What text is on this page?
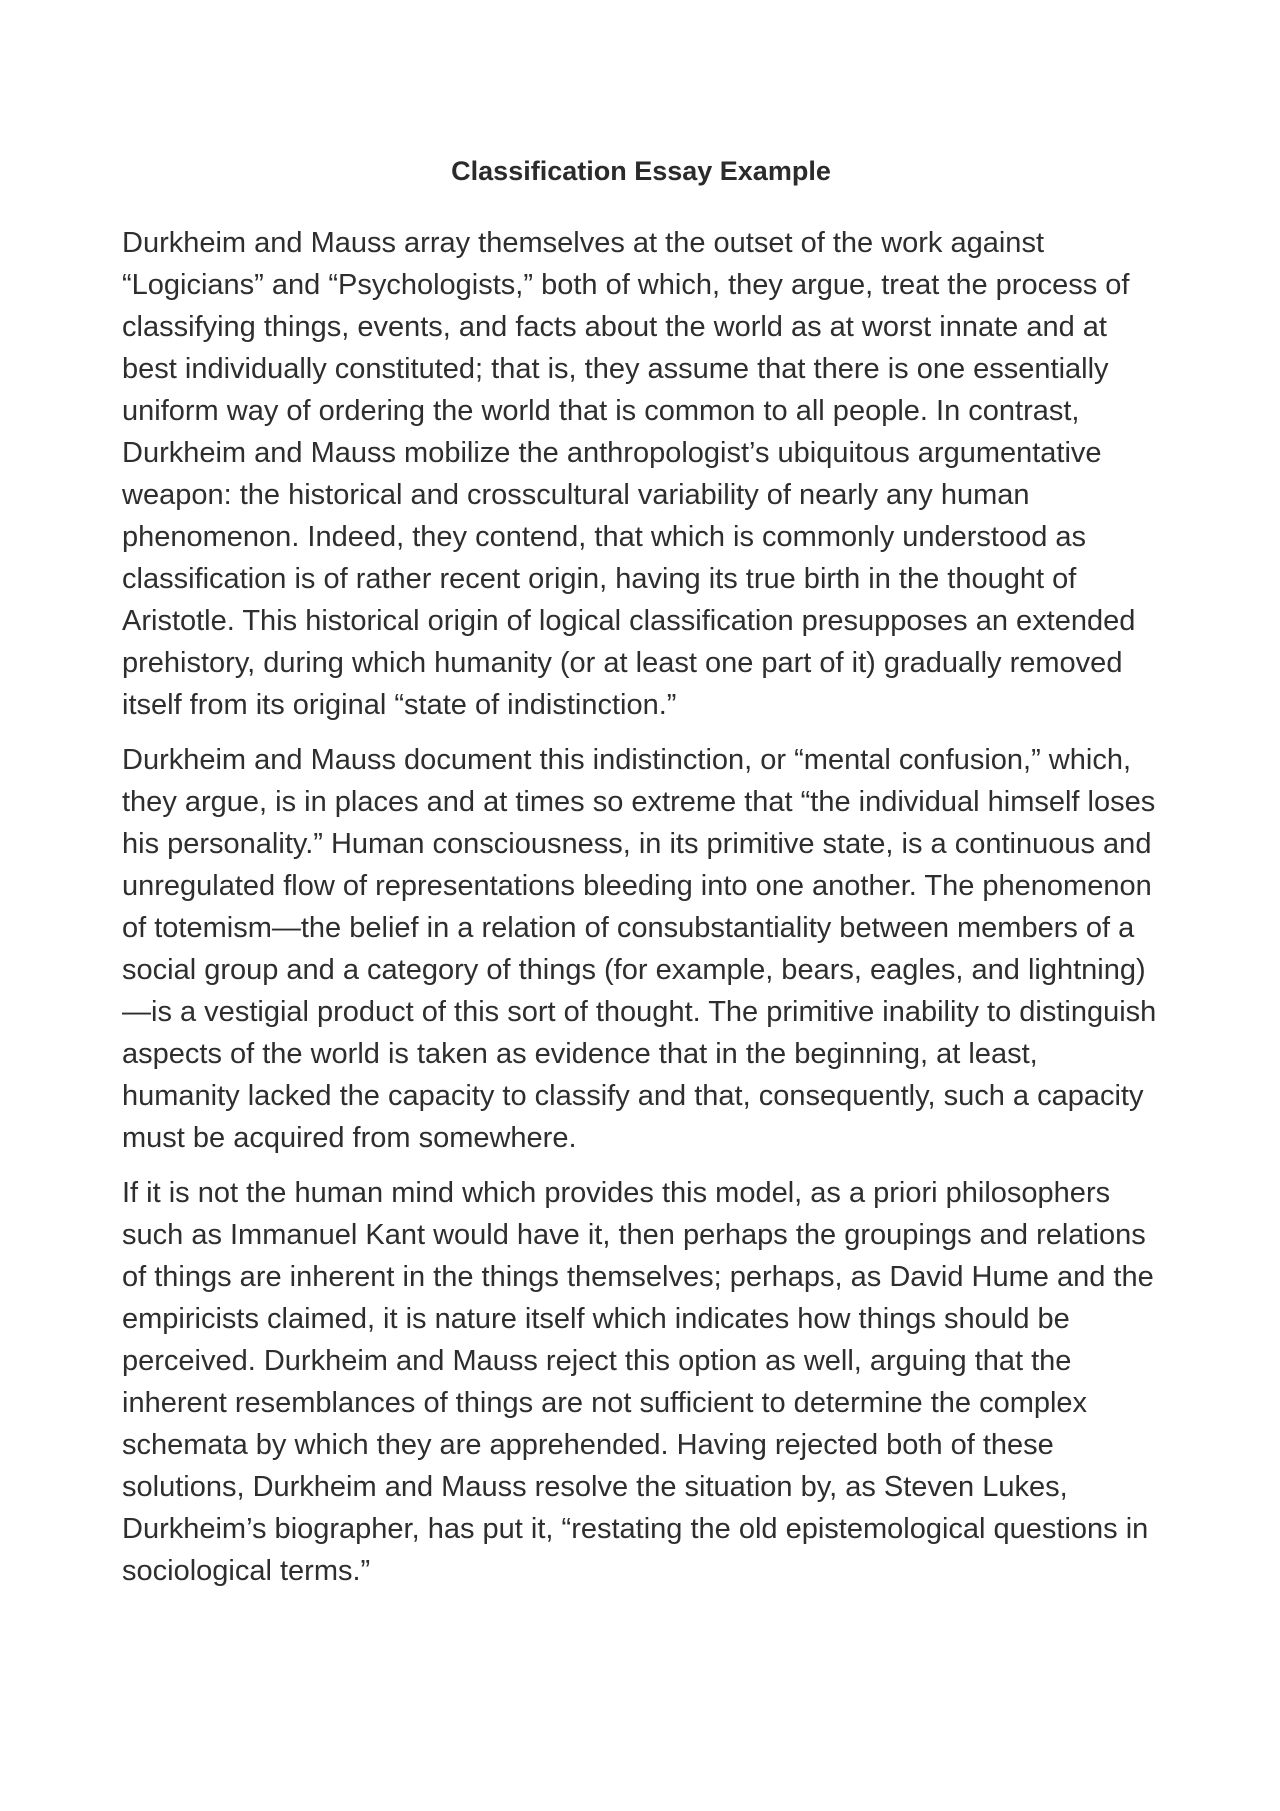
Classification Essay Example

Durkheim and Mauss array themselves at the outset of the work against “Logicians” and “Psychologists,” both of which, they argue, treat the process of classifying things, events, and facts about the world as at worst innate and at best individually constituted; that is, they assume that there is one essentially uniform way of ordering the world that is common to all people. In contrast, Durkheim and Mauss mobilize the anthropologist’s ubiquitous argumentative weapon: the historical and crosscultural variability of nearly any human phenomenon. Indeed, they contend, that which is commonly understood as classification is of rather recent origin, having its true birth in the thought of Aristotle. This historical origin of logical classification presupposes an extended prehistory, during which humanity (or at least one part of it) gradually removed itself from its original “state of indistinction.”

Durkheim and Mauss document this indistinction, or “mental confusion,” which, they argue, is in places and at times so extreme that “the individual himself loses his personality.” Human consciousness, in its primitive state, is a continuous and unregulated flow of representations bleeding into one another. The phenomenon of totemism—the belief in a relation of consubstantiality between members of a social group and a category of things (for example, bears, eagles, and lightning)—is a vestigial product of this sort of thought. The primitive inability to distinguish aspects of the world is taken as evidence that in the beginning, at least, humanity lacked the capacity to classify and that, consequently, such a capacity must be acquired from somewhere.

If it is not the human mind which provides this model, as a priori philosophers such as Immanuel Kant would have it, then perhaps the groupings and relations of things are inherent in the things themselves; perhaps, as David Hume and the empiricists claimed, it is nature itself which indicates how things should be perceived. Durkheim and Mauss reject this option as well, arguing that the inherent resemblances of things are not sufficient to determine the complex schemata by which they are apprehended. Having rejected both of these solutions, Durkheim and Mauss resolve the situation by, as Steven Lukes, Durkheim’s biographer, has put it, “restating the old epistemological questions in sociological terms.”
